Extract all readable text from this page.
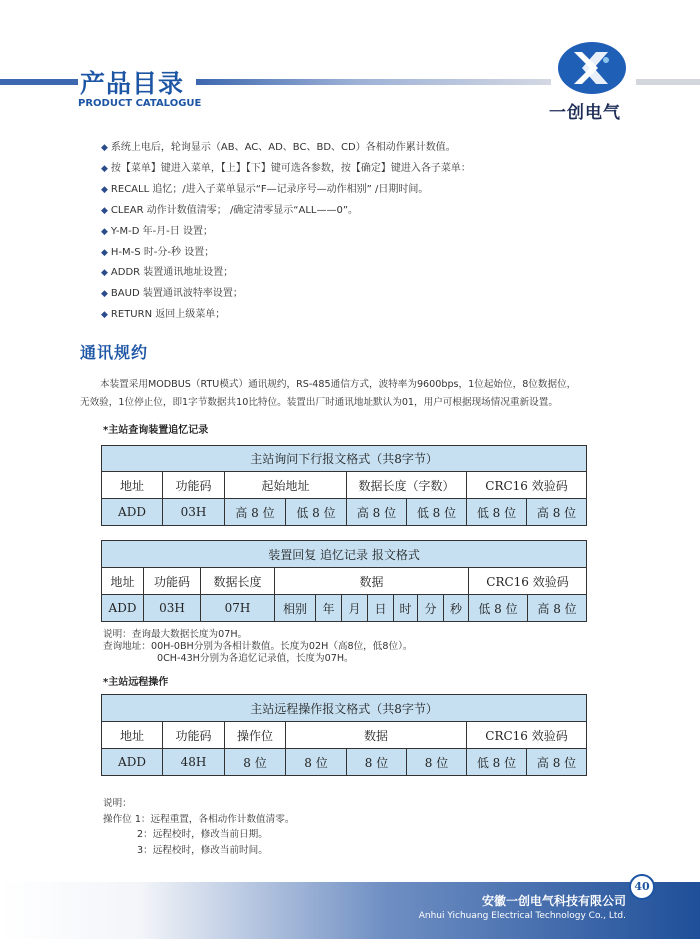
产品目录
PRODUCT CATALOGUE	一创电气
◆ 系统上电后，轮询显示（AB、AC、AD、BC、BD、CD）各相动作累计数值。
◆ 按【菜单】键进入菜单，【上】【下】键可选各参数，按【确定】键进入各子菜单：
◆ RECALL 追忆；/进入子菜单显示“F—记录序号—动作相别” /日期时间。
◆ CLEAR 动作计数值清零； /确定清零显示“ALL——0”。
◆ Y-M-D 年-月-日 设置；
◆ H-M-S 时-分-秒 设置；
◆ ADDR 装置通讯地址设置；
◆ BAUD 装置通讯波特率设置；
◆ RETURN 返回上级菜单；
通讯规约
本装置采用MODBUS（RTU模式）通讯规约，RS-485通信方式，波特率为9600bps，1位起始位，8位数据位，
无效验，1位停止位，即1字节数据共10比特位。装置出厂时通讯地址默认为01，用户可根据现场情况重新设置。
*主站查询装置追忆记录
主站询问下行报文格式（共8字节）							
地址	功能码	起始地址		数据长度（字数）		CRC16 效验码	
ADD	03H	高 8 位	低 8 位	高 8 位	低 8 位	低 8 位	高 8 位
装置回复 追忆记录 报文格式											
地址	功能码	数据长度	数据							CRC16 效验码	
ADD	03H	07H	相别	年	月	日	时	分	秒	低 8 位	高 8 位
说明：查询最大数据长度为07H。
查询地址：00H-0BH分别为各相计数值。长度为02H（高8位，低8位）。
0CH-43H分别为各追忆记录值，长度为07H。
*主站远程操作
主站远程操作报文格式（共8字节）							
地址	功能码	操作位	数据			CRC16 效验码	
ADD	48H	8 位	8 位	8 位	8 位	低 8 位	高 8 位
说明：
操作位 1：远程重置，各相动作计数值清零。
2：远程校时，修改当前日期。
3：远程校时，修改当前时间。
40
安徽一创电气科技有限公司
Anhui Yichuang Electrical Technology Co., Ltd.
